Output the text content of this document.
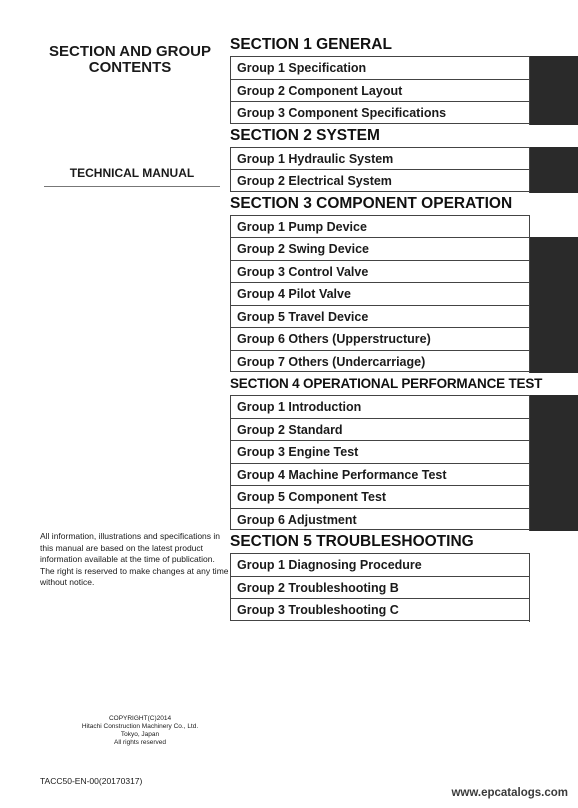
SECTION AND GROUP
CONTENTS
TECHNICAL MANUAL
All information, illustrations and specifications in this manual are based on the latest product information available at the time of publication. The right is reserved to make changes at any time without notice.
COPYRIGHT(C)2014
Hitachi Construction Machinery Co., Ltd.
Tokyo, Japan
All rights reserved
TACC50-EN-00(20170317)
www.epcatalogs.com
SECTION 1 GENERAL
Group 1 Specification
Group 2 Component Layout
Group 3 Component Specifications
SECTION 2 SYSTEM
Group 1 Hydraulic System
Group 2 Electrical System
SECTION 3 COMPONENT OPERATION
Group 1 Pump Device
Group 2 Swing Device
Group 3 Control Valve
Group 4 Pilot Valve
Group 5 Travel Device
Group 6 Others (Upperstructure)
Group 7 Others (Undercarriage)
SECTION 4 OPERATIONAL PERFORMANCE TEST
Group 1 Introduction
Group 2 Standard
Group 3 Engine Test
Group 4 Machine Performance Test
Group 5 Component Test
Group 6 Adjustment
SECTION 5 TROUBLESHOOTING
Group 1 Diagnosing Procedure
Group 2 Troubleshooting B
Group 3 Troubleshooting C
